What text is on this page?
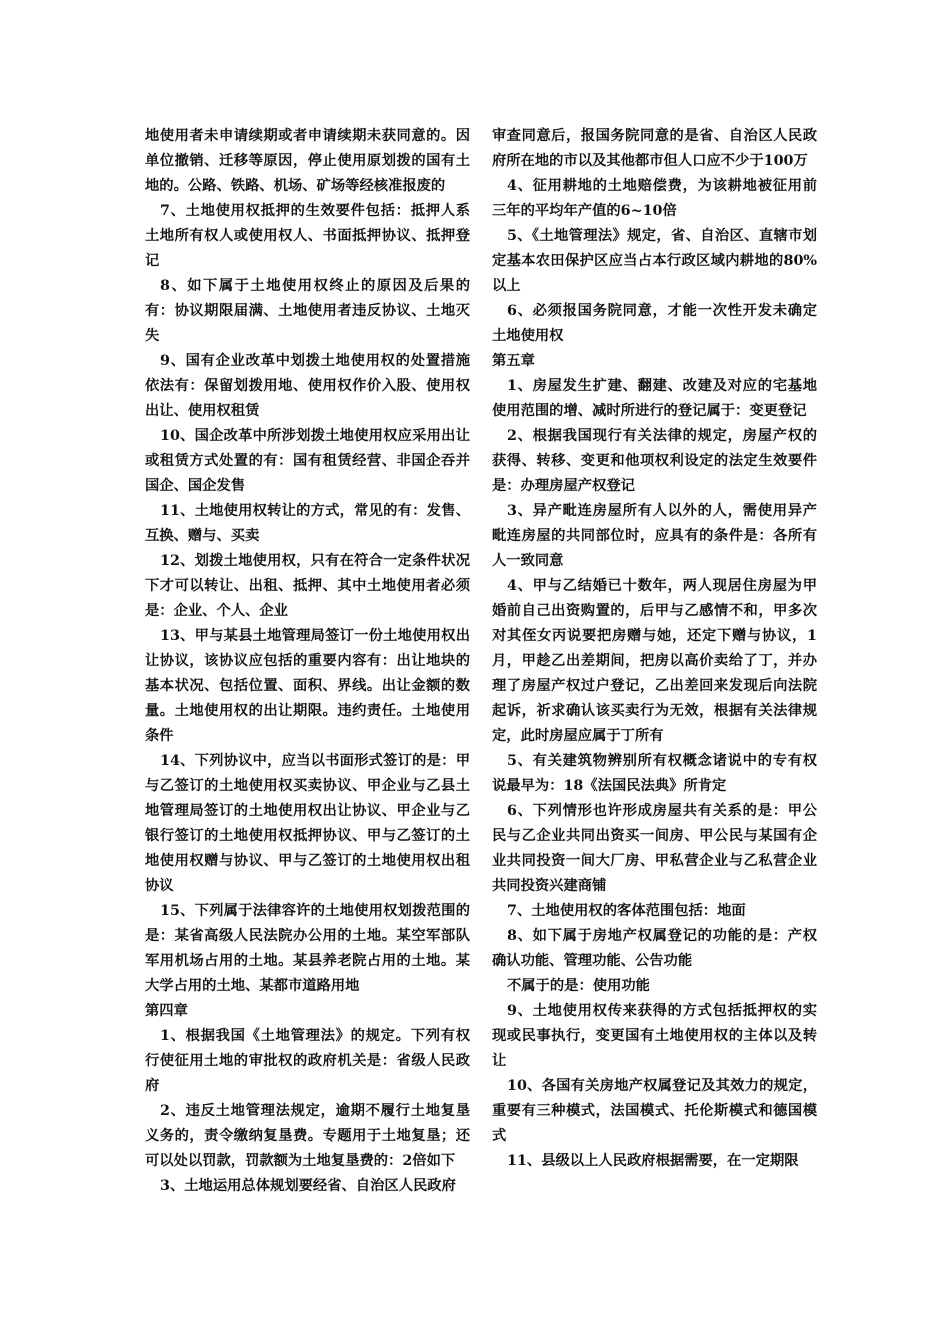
地使用者未申请续期或者申请续期未获同意的。因单位撤销、迁移等原因，停止使用原划拨的国有土地的。公路、铁路、机场、矿场等经核准报废的

7、土地使用权抵押的生效要件包括：抵押人系土地所有权人或使用权人、书面抵押协议、抵押登记

8、如下属于土地使用权终止的原因及后果的有：协议期限届满、土地使用者违反协议、土地灭失

9、国有企业改革中划拨土地使用权的处置措施依法有：保留划拨用地、使用权作价入股、使用权出让、使用权租赁

10、国企改革中所涉划拨土地使用权应采用出让或租赁方式处置的有：国有租赁经营、非国企吞并国企、国企发售

11、土地使用权转让的方式，常见的有：发售、互换、赠与、买卖

12、划拨土地使用权，只有在符合一定条件状况下才可以转让、出租、抵押、其中土地使用者必须是：企业、个人、企业

13、甲与某县土地管理局签订一份土地使用权出让协议，该协议应包括的重要内容有：出让地块的基本状况、包括位置、面积、界线。出让金额的数量。土地使用权的出让期限。违约责任。土地使用条件

14、下列协议中，应当以书面形式签订的是：甲与乙签订的土地使用权买卖协议、甲企业与乙县土地管理局签订的土地使用权出让协议、甲企业与乙银行签订的土地使用权抵押协议、甲与乙签订的土地使用权赠与协议、甲与乙签订的土地使用权出租协议

15、下列属于法律容许的土地使用权划拨范围的是：某省高级人民法院办公用的土地。某空军部队军用机场占用的土地。某县养老院占用的土地。某大学占用的土地、某都市道路用地

第四章

1、根据我国《土地管理法》的规定。下列有权行使征用土地的审批权的政府机关是：省级人民政府

2、违反土地管理法规定，逾期不履行土地复垦义务的，责令缴纳复垦费。专题用于土地复垦；还可以处以罚款，罚款额为土地复垦费的：2倍如下

3、土地运用总体规划要经省、自治区人民政府

审查同意后，报国务院同意的是省、自治区人民政府所在地的市以及其他都市但人口应不少于100万

4、征用耕地的土地赔偿费，为该耕地被征用前三年的平均年产值的6~10倍

5、《土地管理法》规定，省、自治区、直辖市划定基本农田保护区应当占本行政区域内耕地的80%以上

6、必须报国务院同意，才能一次性开发未确定土地使用权

第五章

1、房屋发生扩建、翻建、改建及对应的宅基地使用范围的增、减时所进行的登记属于：变更登记

2、根据我国现行有关法律的规定，房屋产权的获得、转移、变更和他项权利设定的法定生效要件是：办理房屋产权登记

3、异产毗连房屋所有人以外的人，需使用异产毗连房屋的共同部位时，应具有的条件是：各所有人一致同意

4、甲与乙结婚已十数年，两人现居住房屋为甲婚前自己出资购置的，后甲与乙感情不和，甲多次对其侄女丙说要把房赠与她，还定下赠与协议，1月，甲趁乙出差期间，把房以高价卖给了丁，并办理了房屋产权过户登记，乙出差回来发现后向法院起诉，祈求确认该买卖行为无效，根据有关法律规定，此时房屋应属于丁所有

5、有关建筑物辨别所有权概念诸说中的专有权说最早为：18《法国民法典》所肯定

6、下列情形也许形成房屋共有关系的是：甲公民与乙企业共同出资买一间房、甲公民与某国有企业共同投资一间大厂房、甲私营企业与乙私营企业共同投资兴建商铺

7、土地使用权的客体范围包括：地面

8、如下属于房地产权属登记的功能的是：产权确认功能、管理功能、公告功能

不属于的是：使用功能

9、土地使用权传来获得的方式包括抵押权的实现或民事执行，变更国有土地使用权的主体以及转让

10、各国有关房地产权属登记及其效力的规定，重要有三种模式，法国模式、托伦斯模式和德国模式

11、县级以上人民政府根据需要，在一定期限
